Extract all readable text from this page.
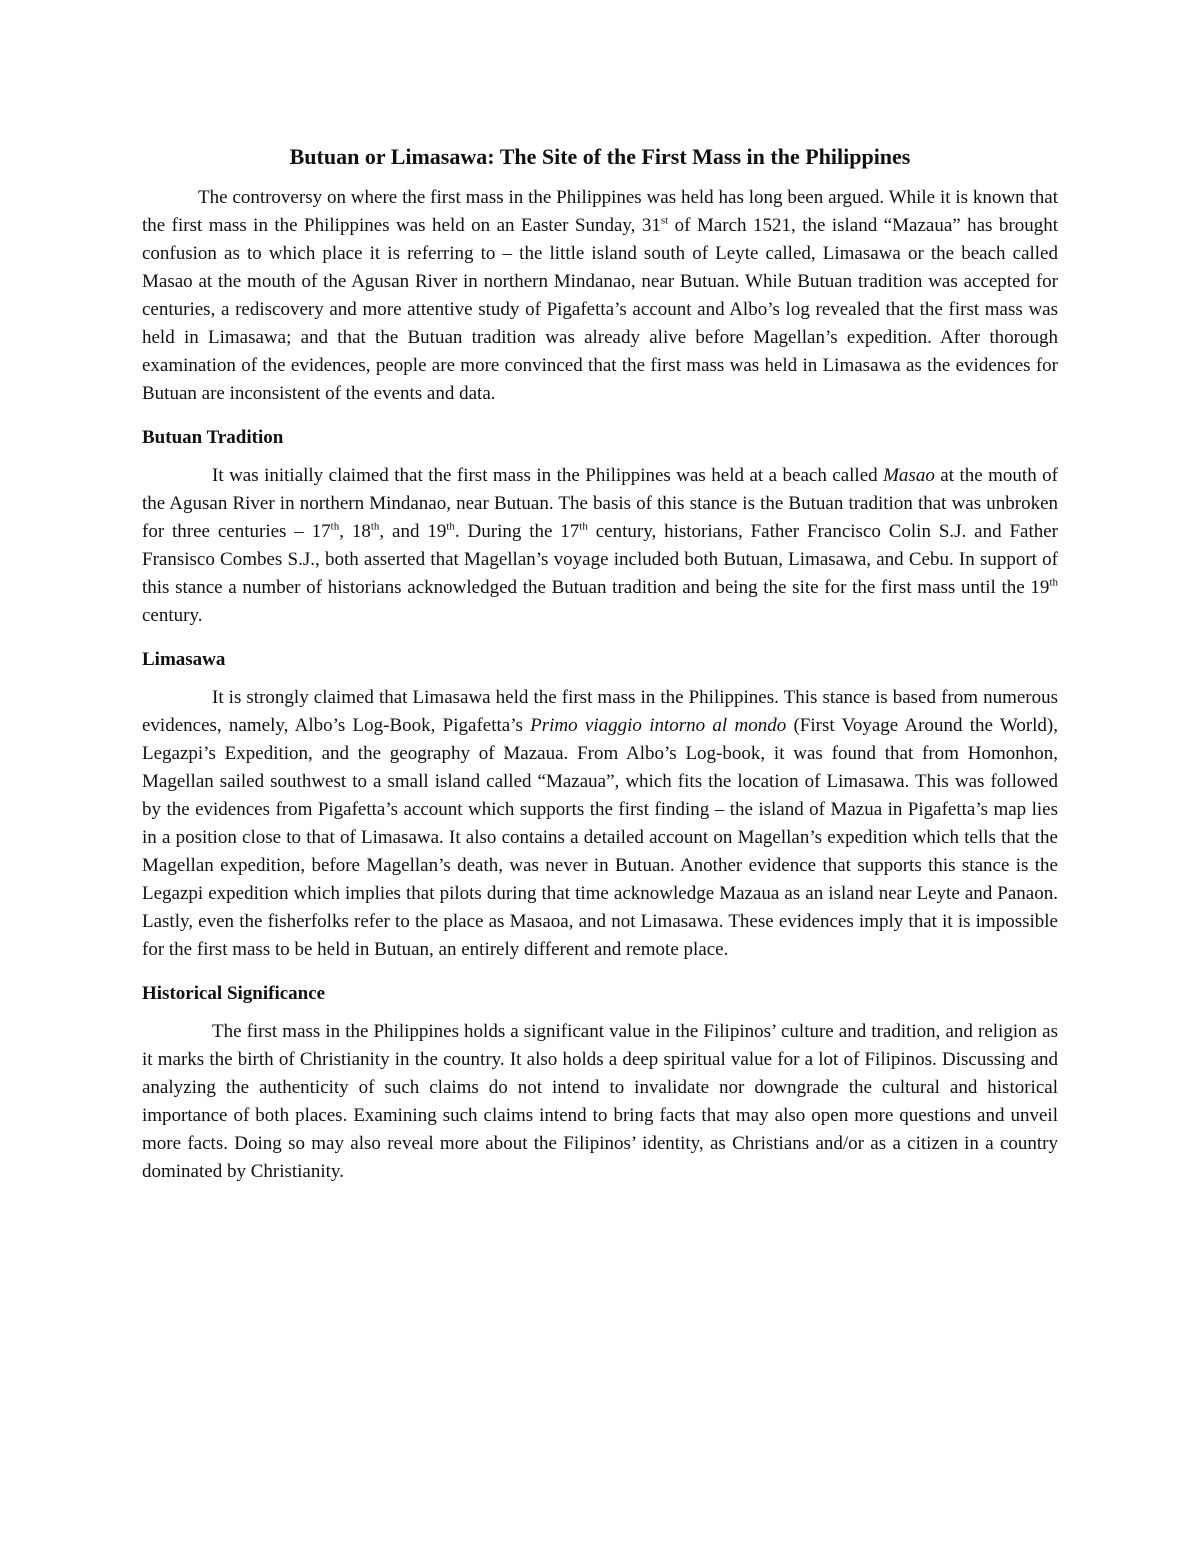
Butuan or Limasawa: The Site of the First Mass in the Philippines

The controversy on where the first mass in the Philippines was held has long been argued. While it is known that the first mass in the Philippines was held on an Easter Sunday, 31st of March 1521, the island “Mazaua” has brought confusion as to which place it is referring to – the little island south of Leyte called, Limasawa or the beach called Masao at the mouth of the Agusan River in northern Mindanao, near Butuan. While Butuan tradition was accepted for centuries, a rediscovery and more attentive study of Pigafetta’s account and Albo’s log revealed that the first mass was held in Limasawa; and that the Butuan tradition was already alive before Magellan’s expedition. After thorough examination of the evidences, people are more convinced that the first mass was held in Limasawa as the evidences for Butuan are inconsistent of the events and data.

Butuan Tradition

It was initially claimed that the first mass in the Philippines was held at a beach called Masao at the mouth of the Agusan River in northern Mindanao, near Butuan. The basis of this stance is the Butuan tradition that was unbroken for three centuries – 17th, 18th, and 19th. During the 17th century, historians, Father Francisco Colin S.J. and Father Fransisco Combes S.J., both asserted that Magellan’s voyage included both Butuan, Limasawa, and Cebu. In support of this stance a number of historians acknowledged the Butuan tradition and being the site for the first mass until the 19th century.

Limasawa

It is strongly claimed that Limasawa held the first mass in the Philippines. This stance is based from numerous evidences, namely, Albo’s Log-Book, Pigafetta’s Primo viaggio intorno al mondo (First Voyage Around the World), Legazpi’s Expedition, and the geography of Mazaua. From Albo’s Log-book, it was found that from Homonhon, Magellan sailed southwest to a small island called “Mazaua”, which fits the location of Limasawa. This was followed by the evidences from Pigafetta’s account which supports the first finding – the island of Mazua in Pigafetta’s map lies in a position close to that of Limasawa. It also contains a detailed account on Magellan’s expedition which tells that the Magellan expedition, before Magellan’s death, was never in Butuan. Another evidence that supports this stance is the Legazpi expedition which implies that pilots during that time acknowledge Mazaua as an island near Leyte and Panaon. Lastly, even the fisherfolks refer to the place as Masaoa, and not Limasawa. These evidences imply that it is impossible for the first mass to be held in Butuan, an entirely different and remote place.

Historical Significance

The first mass in the Philippines holds a significant value in the Filipinos’ culture and tradition, and religion as it marks the birth of Christianity in the country. It also holds a deep spiritual value for a lot of Filipinos. Discussing and analyzing the authenticity of such claims do not intend to invalidate nor downgrade the cultural and historical importance of both places. Examining such claims intend to bring facts that may also open more questions and unveil more facts. Doing so may also reveal more about the Filipinos’ identity, as Christians and/or as a citizen in a country dominated by Christianity.
